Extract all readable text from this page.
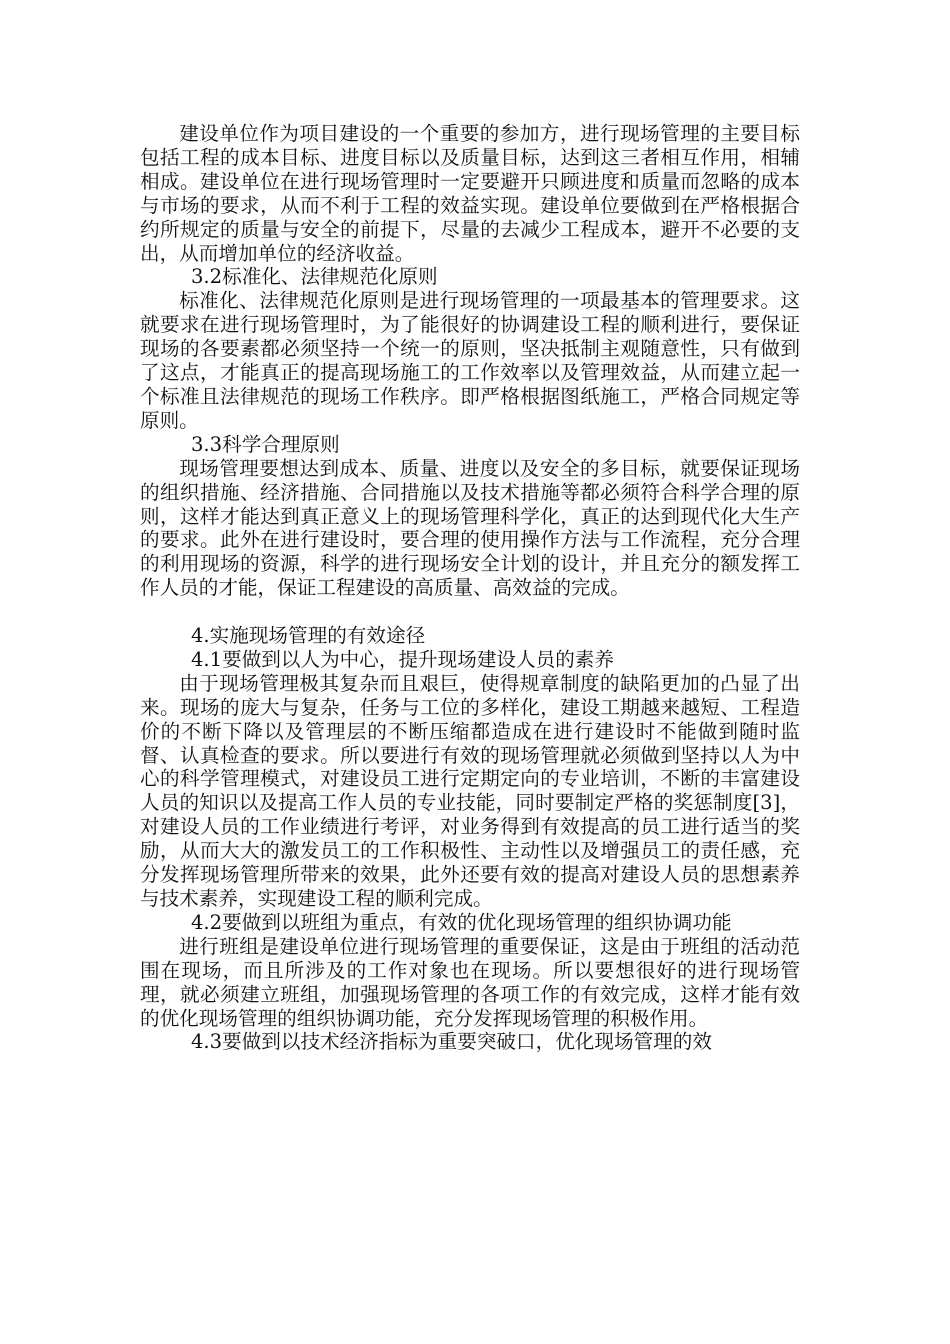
建设单位作为项目建设的一个重要的参加方，进行现场管理的主要目标包括工程的成本目标、进度目标以及质量目标，达到这三者相互作用，相辅相成。建设单位在进行现场管理时一定要避开只顾进度和质量而忽略的成本与市场的要求，从而不利于工程的效益实现。建设单位要做到在严格根据合约所规定的质量与安全的前提下，尽量的去减少工程成本，避开不必要的支出，从而增加单位的经济收益。

3.2标准化、法律规范化原则

标准化、法律规范化原则是进行现场管理的一项最基本的管理要求。这就要求在进行现场管理时，为了能很好的协调建设工程的顺利进行，要保证现场的各要素都必须坚持一个统一的原则，坚决抵制主观随意性，只有做到了这点，才能真正的提高现场施工的工作效率以及管理效益，从而建立起一个标准且法律规范的现场工作秩序。即严格根据图纸施工，严格合同规定等原则。

3.3科学合理原则

现场管理要想达到成本、质量、进度以及安全的多目标，就要保证现场的组织措施、经济措施、合同措施以及技术措施等都必须符合科学合理的原则，这样才能达到真正意义上的现场管理科学化，真正的达到现代化大生产的要求。此外在进行建设时，要合理的使用操作方法与工作流程，充分合理的利用现场的资源，科学的进行现场安全计划的设计，并且充分的额发挥工作人员的才能，保证工程建设的高质量、高效益的完成。

4.实施现场管理的有效途径

4.1要做到以人为中心，提升现场建设人员的素养

由于现场管理极其复杂而且艰巨，使得规章制度的缺陷更加的凸显了出来。现场的庞大与复杂，任务与工位的多样化，建设工期越来越短、工程造价的不断下降以及管理层的不断压缩都造成在进行建设时不能做到随时监督、认真检查的要求。所以要进行有效的现场管理就必须做到坚持以人为中心的科学管理模式，对建设员工进行定期定向的专业培训，不断的丰富建设人员的知识以及提高工作人员的专业技能，同时要制定严格的奖惩制度[3]，对建设人员的工作业绩进行考评，对业务得到有效提高的员工进行适当的奖励，从而大大的激发员工的工作积极性、主动性以及增强员工的责任感，充分发挥现场管理所带来的效果，此外还要有效的提高对建设人员的思想素养与技术素养，实现建设工程的顺利完成。

4.2要做到以班组为重点，有效的优化现场管理的组织协调功能

进行班组是建设单位进行现场管理的重要保证，这是由于班组的活动范围在现场，而且所涉及的工作对象也在现场。所以要想很好的进行现场管理，就必须建立班组，加强现场管理的各项工作的有效完成，这样才能有效的优化现场管理的组织协调功能，充分发挥现场管理的积极作用。

4.3要做到以技术经济指标为重要突破口，优化现场管理的效
